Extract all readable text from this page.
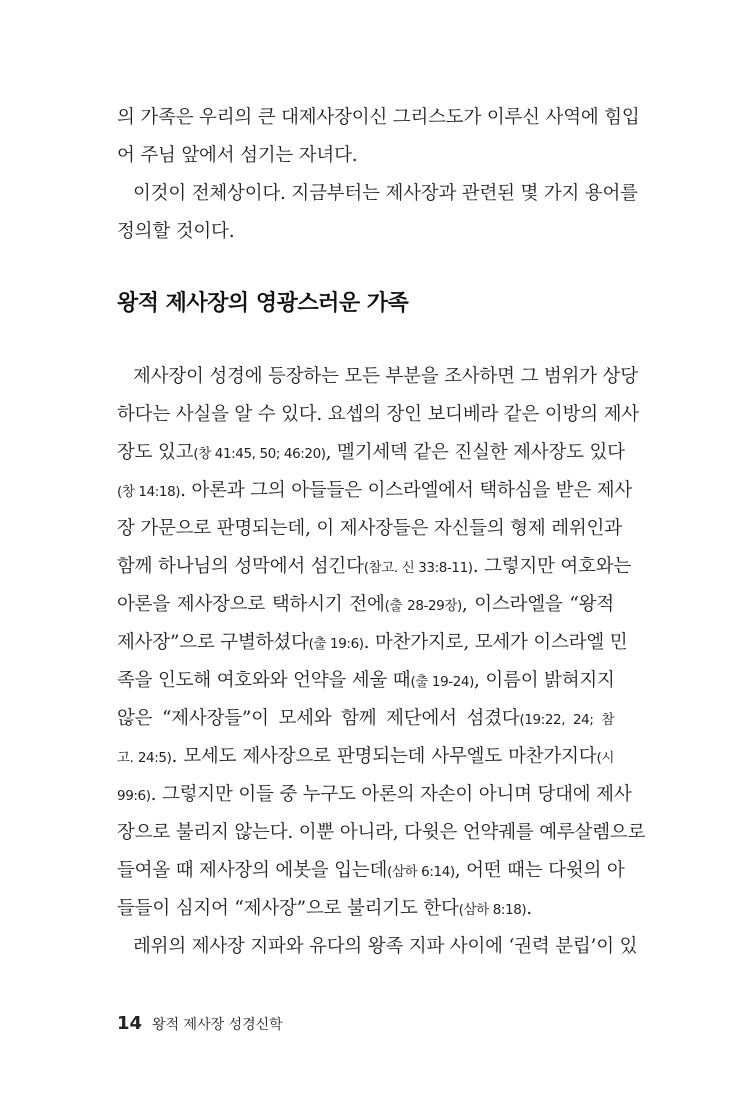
의 가족은 우리의 큰 대제사장이신 그리스도가 이루신 사역에 힘입
어 주님 앞에서 섬기는 자녀다.
이것이 전체상이다. 지금부터는 제사장과 관련된 몇 가지 용어를
정의할 것이다.
왕적 제사장의 영광스러운 가족
제사장이 성경에 등장하는 모든 부분을 조사하면 그 범위가 상당
하다는 사실을 알 수 있다. 요셉의 장인 보디베라 같은 이방의 제사
장도 있고(창 41:45, 50; 46:20), 멜기세덱 같은 진실한 제사장도 있다
(창 14:18). 아론과 그의 아들들은 이스라엘에서 택하심을 받은 제사
장 가문으로 판명되는데, 이 제사장들은 자신들의 형제 레위인과
함께 하나님의 성막에서 섬긴다(참고. 신 33:8-11). 그렇지만 여호와는
아론을 제사장으로 택하시기 전에(출 28-29장), 이스라엘을 “왕적
제사장”으로 구별하셨다(출 19:6). 마찬가지로, 모세가 이스라엘 민
족을 인도해 여호와와 언약을 세울 때(출 19-24), 이름이 밝혀지지
않은 “제사장들”이 모세와 함께 제단에서 섬겼다(19:22, 24; 참
고. 24:5). 모세도 제사장으로 판명되는데 사무엘도 마찬가지다(시
99:6). 그렇지만 이들 중 누구도 아론의 자손이 아니며 당대에 제사
장으로 불리지 않는다. 이뿐 아니라, 다윗은 언약궤를 예루살렘으로
들여올 때 제사장의 에봇을 입는데(삼하 6:14), 어떤 때는 다윗의 아
들들이 심지어 “제사장”으로 불리기도 한다(삼하 8:18).
레위의 제사장 지파와 유다의 왕족 지파 사이에 ‘권력 분립’이 있
14 왕적 제사장 성경신학
